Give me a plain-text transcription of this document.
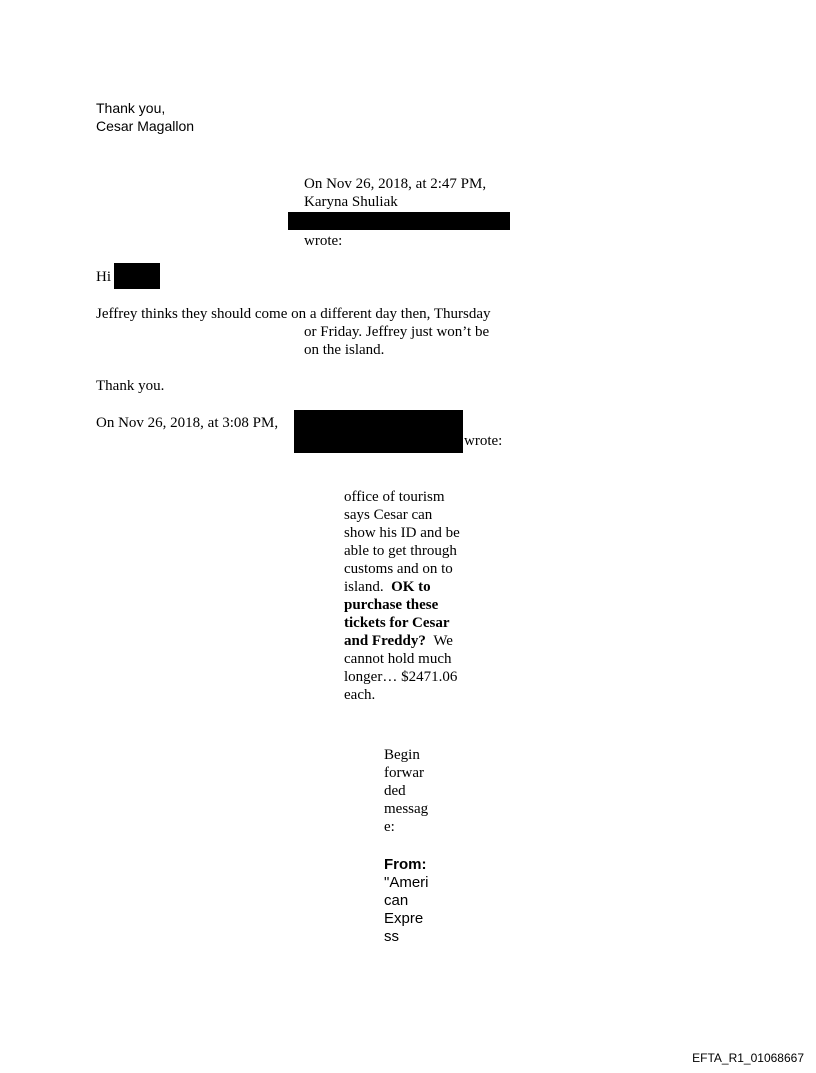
Thank you,
Cesar Magallon
On Nov 26, 2018, at 2:47 PM,
Karyna Shuliak
wrote:
Hi
Jeffrey thinks they should come on a different day then, Thursday
or Friday. Jeffrey just won’t be
on the island.
Thank you.
On Nov 26, 2018, at 3:08 PM,
wrote:
office of tourism
says Cesar can
show his ID and be
able to get through
customs and on to
island. OK to
purchase these
tickets for Cesar
and Freddy? We
cannot hold much
longer… $2471.06
each.
Begin
forwar
ded
messag
e:
From:
"Ameri
can
Expre
ss
EFTA_R1_01068667
